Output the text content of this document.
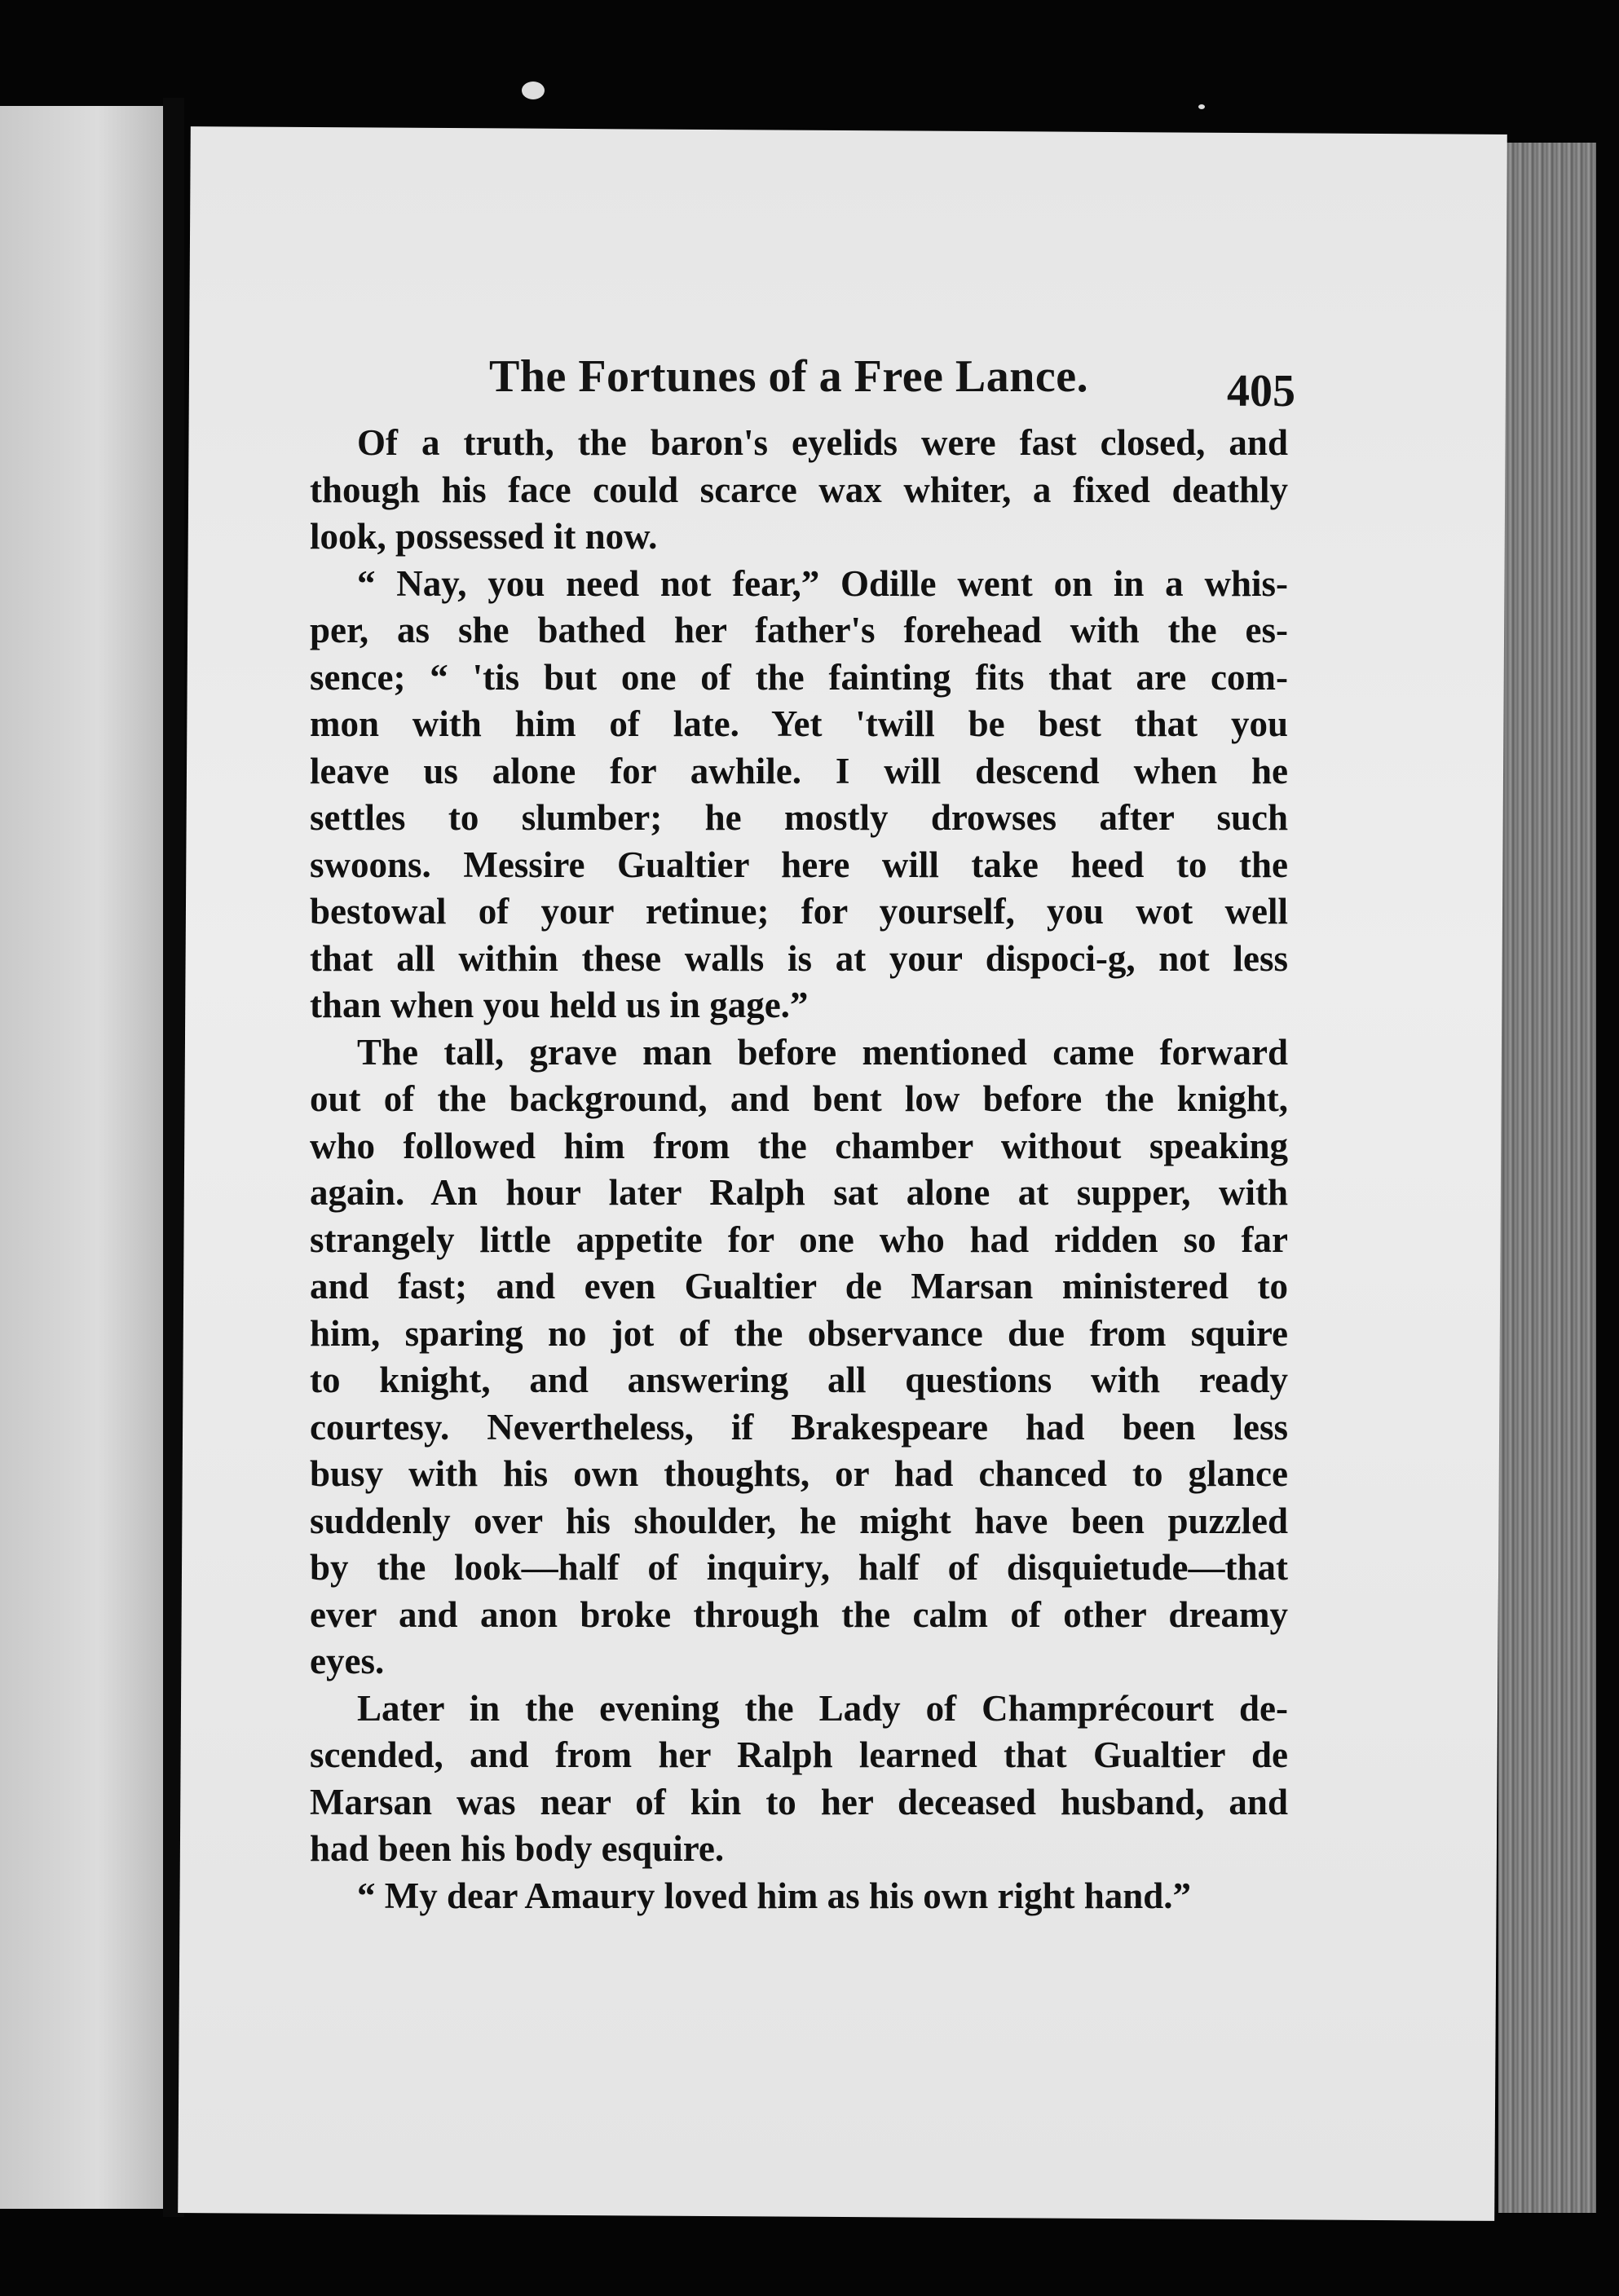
The Fortunes of a Free Lance.	405
Of a truth, the baron's eyelids were fast closed, and
though his face could scarce wax whiter, a fixed deathly
look, possessed it now.
“ Nay, you need not fear,” Odille went on in a whis-
per, as she bathed her father's forehead with the es-
sence; “ 'tis but one of the fainting fits that are com-
mon with him of late. Yet 'twill be best that you
leave us alone for awhile. I will descend when he
settles to slumber; he mostly drowses after such
swoons. Messire Gualtier here will take heed to the
bestowal of your retinue; for yourself, you wot well
that all within these walls is at your dispoci-g, not less
than when you held us in gage.”
The tall, grave man before mentioned came forward
out of the background, and bent low before the knight,
who followed him from the chamber without speaking
again. An hour later Ralph sat alone at supper, with
strangely little appetite for one who had ridden so far
and fast; and even Gualtier de Marsan ministered to
him, sparing no jot of the observance due from squire
to knight, and answering all questions with ready
courtesy. Nevertheless, if Brakespeare had been less
busy with his own thoughts, or had chanced to glance
suddenly over his shoulder, he might have been puzzled
by the look—half of inquiry, half of disquietude—that
ever and anon broke through the calm of other dreamy
eyes.
Later in the evening the Lady of Champrécourt de-
scended, and from her Ralph learned that Gualtier de
Marsan was near of kin to her deceased husband, and
had been his body esquire.
“ My dear Amaury loved him as his own right hand.”
